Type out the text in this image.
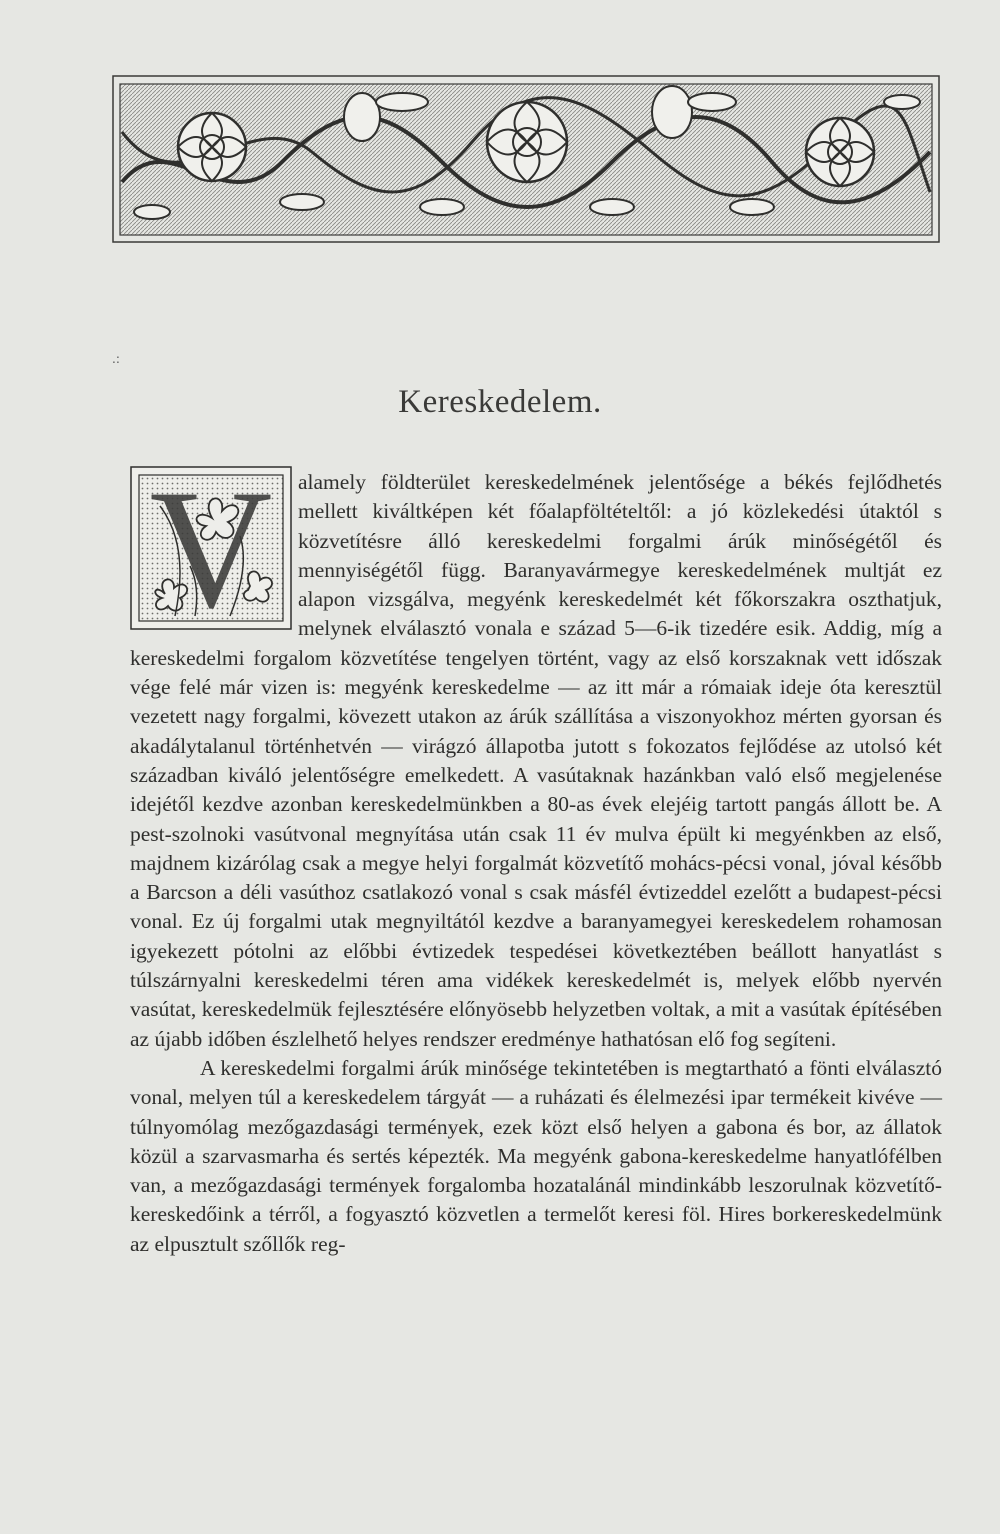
.:
Kereskedelem.
V	alamely földterület kereskedelmének jelentősége a békés fejlődhetés mellett kiváltképen két főalapföltételtől: a jó közlekedési útaktól s közvetítésre álló kereskedelmi forgalmi árúk minőségétől és mennyiségétől függ. Baranyavármegye kereskedelmének multját ez alapon vizsgálva, megyénk kereskedelmét két főkorszakra oszthatjuk, melynek elválasztó vonala e század 5—6-ik tizedére esik. Addig, míg a kereskedelmi forgalom közvetítése tengelyen történt, vagy az első korszaknak vett időszak vége felé már vizen is: megyénk kereskedelme — az itt már a rómaiak ideje óta keresztül vezetett nagy forgalmi, kövezett utakon az árúk szállítása a viszonyokhoz mérten gyorsan és akadálytalanul történhetvén — virágzó állapotba jutott s fokozatos fejlődése az utolsó két században kiváló jelentőségre emelkedett. A vasútaknak hazánkban való első megjelenése idejétől kezdve azonban kereskedelmünkben a 80-as évek elejéig tartott pangás állott be. A pest-szolnoki vasútvonal megnyítása után csak 11 év mulva épült ki megyénkben az első, majdnem kizárólag csak a megye helyi forgalmát közvetítő mohács-pécsi vonal, jóval később a Barcson a déli vasúthoz csatlakozó vonal s csak másfél évtizeddel ezelőtt a budapest-pécsi vonal. Ez új forgalmi utak megnyiltától kezdve a baranyamegyei kereskedelem rohamosan igyekezett pótolni az előbbi évtizedek tespedései következtében beállott hanyatlást s túlszárnyalni kereskedelmi téren ama vidékek kereskedelmét is, melyek előbb nyervén vasútat, kereskedelmük fejlesztésére előnyösebb helyzetben voltak, a mit a vasútak építésében az újabb időben észlelhető helyes rendszer eredménye hathatósan elő fog segíteni.

A kereskedelmi forgalmi árúk minősége tekintetében is megtartható a fönti elválasztó vonal, melyen túl a kereskedelem tárgyát — a ruházati és élelmezési ipar termékeit kivéve — túlnyomólag mezőgazdasági termények, ezek közt első helyen a gabona és bor, az állatok közül a szarvasmarha és sertés képezték. Ma megyénk gabona-kereskedelme hanyatlófélben van, a mezőgazdasági termények forgalomba hozatalánál mindinkább leszorulnak közvetítő-kereskedőink a térről, a fogyasztó közvetlen a termelőt keresi föl. Hires borkereskedelmünk az elpusztult szőllők reg-
